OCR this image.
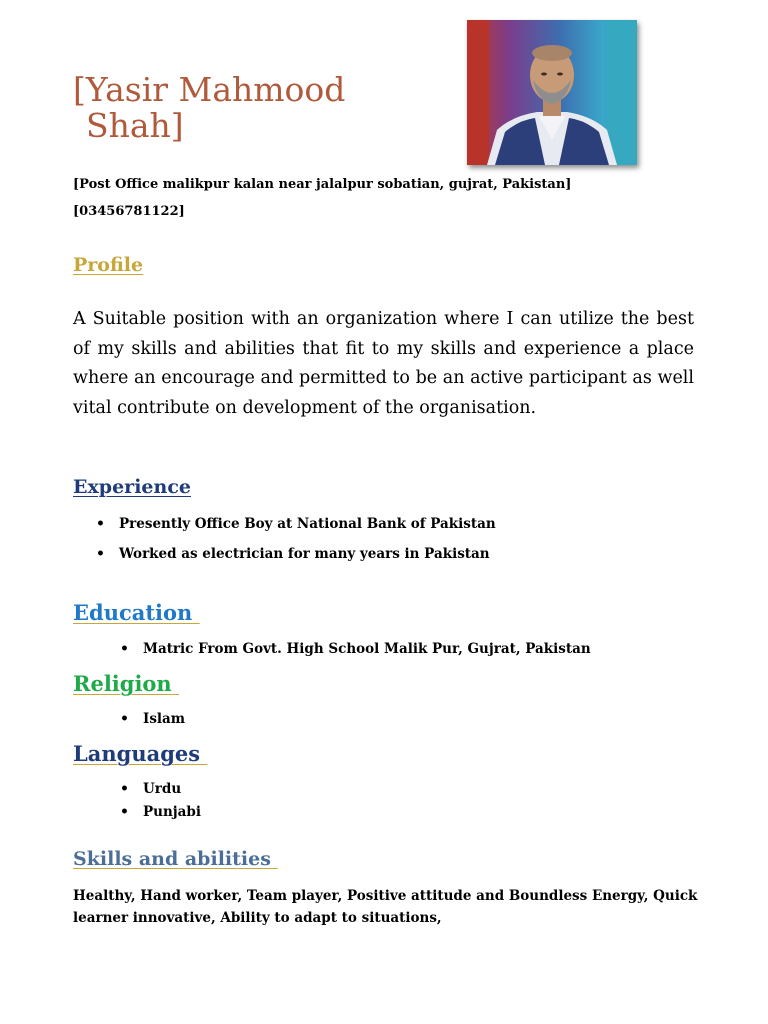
[Yasir Mahmood
Shah]
[Post Office malikpur kalan near jalalpur sobatian, gujrat, Pakistan]
[03456781122]
Profile

A Suitable position with an organization where I can utilize the best of my skills and abilities that fit to my skills and experience a place where an encourage and permitted to be an active participant as well vital contribute on development of the organisation.

Experience
• Presently Office Boy at National Bank of Pakistan
• Worked as electrician for many years in Pakistan
Education
• Matric From Govt. High School Malik Pur, Gujrat, Pakistan
Religion
• Islam
Languages
• Urdu
• Punjabi
Skills and abilities

Healthy, Hand worker, Team player, Positive attitude and Boundless Energy, Quick learner innovative, Ability to adapt to situations,
